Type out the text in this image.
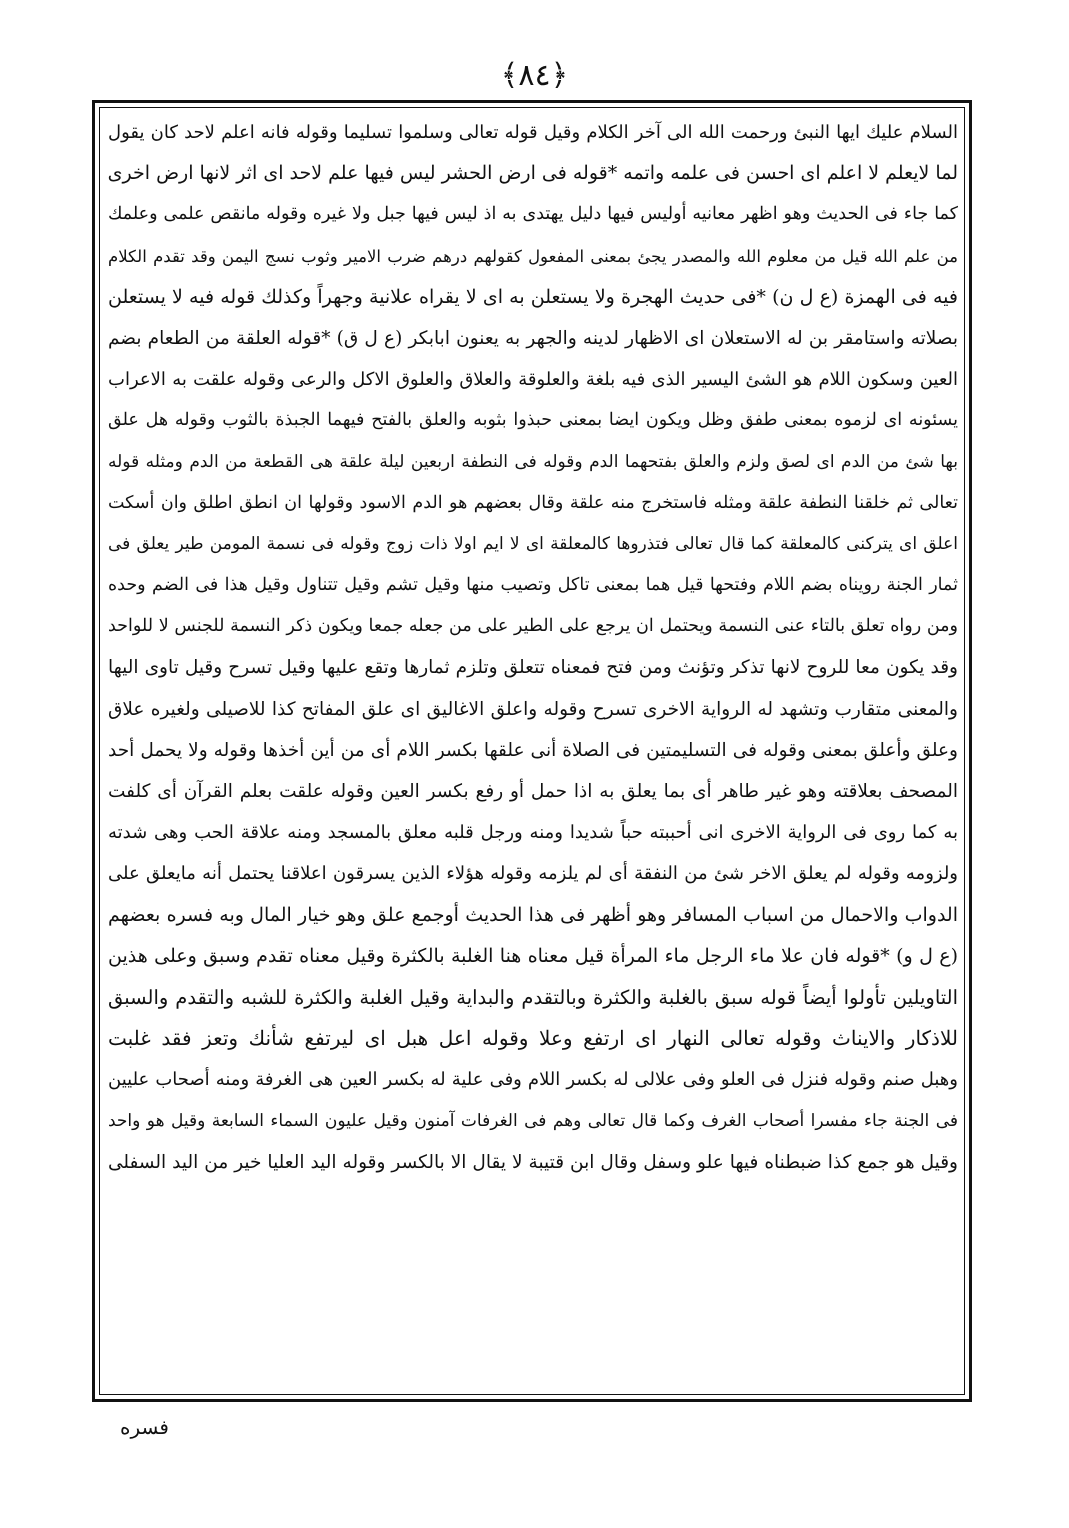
﴿٨٤﴾
السلام عليك ايها النبئ ورحمت الله الى آخر الكلام وقيل قوله تعالى وسلموا تسليما وقوله فانه اعلم لاحد كان يقول
لما لايعلم لا اعلم اى احسن فى علمه واتمه *قوله فى ارض الحشر ليس فيها علم لاحد اى اثر لانها ارض اخرى
كما جاء فى الحديث وهو اظهر معانيه أوليس فيها دليل يهتدى به اذ ليس فيها جبل ولا غيره وقوله مانقص علمى وعلمك
من علم الله قيل من معلوم الله والمصدر يجئ بمعنى المفعول كقولهم درهم ضرب الامير وثوب نسج اليمن وقد تقدم الكلام
فيه فى الهمزة (ع ل ن) *فى حديث الهجرة ولا يستعلن به اى لا يقراه علانية وجهراً وكذلك قوله فيه لا يستعلن
بصلاته واستامقر بن له الاستعلان اى الاظهار لدينه والجهر به يعنون ابابكر (ع ل ق) *قوله العلقة من الطعام بضم
العين وسكون اللام هو الشئ اليسير الذى فيه بلغة والعلوقة والعلاق والعلوق الاكل والرعى وقوله علقت به الاعراب
يسئونه اى لزموه بمعنى طفق وظل ويكون ايضا بمعنى حبذوا بثوبه والعلق بالفتح فيهما الجبذة بالثوب وقوله هل علق
بها شئ من الدم اى لصق ولزم والعلق بفتحهما الدم وقوله فى النطفة اربعين ليلة علقة هى القطعة من الدم ومثله قوله
تعالى ثم خلقنا النطفة علقة ومثله فاستخرج منه علقة وقال بعضهم هو الدم الاسود وقولها ان انطق اطلق وان أسكت
اعلق اى يتركنى كالمعلقة كما قال تعالى فتذروها كالمعلقة اى لا ايم اولا ذات زوج وقوله فى نسمة المومن طير يعلق فى
ثمار الجنة رويناه بضم اللام وفتحها قيل هما بمعنى تاكل وتصيب منها وقيل تشم وقيل تتناول وقيل هذا فى الضم وحده
ومن رواه تعلق بالتاء عنى النسمة ويحتمل ان يرجع على الطير على من جعله جمعا ويكون ذكر النسمة للجنس لا للواحد
وقد يكون معا للروح لانها تذكر وتؤنث ومن فتح فمعناه تتعلق وتلزم ثمارها وتقع عليها وقيل تسرح وقيل تاوى اليها
والمعنى متقارب وتشهد له الرواية الاخرى تسرح وقوله واعلق الاغاليق اى علق المفاتح كذا للاصيلى ولغيره علاق
وعلق وأعلق بمعنى وقوله فى التسليمتين فى الصلاة أنى علقها بكسر اللام أى من أين أخذها وقوله ولا يحمل أحد
المصحف بعلاقته وهو غير طاهر أى بما يعلق به اذا حمل أو رفع بكسر العين وقوله علقت بعلم القرآن أى كلفت
به كما روى فى الرواية الاخرى انى أحببته حباً شديدا ومنه ورجل قلبه معلق بالمسجد ومنه علاقة الحب وهى شدته
ولزومه وقوله لم يعلق الاخر شئ من النفقة أى لم يلزمه وقوله هؤلاء الذين يسرقون اعلاقنا يحتمل أنه مايعلق على
الدواب والاحمال من اسباب المسافر وهو أظهر فى هذا الحديث أوجمع علق وهو خيار المال وبه فسره بعضهم
(ع ل و) *قوله فان علا ماء الرجل ماء المرأة قيل معناه هنا الغلبة بالكثرة وقيل معناه تقدم وسبق وعلى هذين
التاويلين تأولوا أيضاً قوله سبق بالغلبة والكثرة وبالتقدم والبداية وقيل الغلبة والكثرة للشبه والتقدم والسبق
للاذكار والايناث وقوله تعالى النهار اى ارتفع وعلا وقوله اعل هبل اى ليرتفع شأنك وتعز فقد غلبت
وهبل صنم وقوله فنزل فى العلو وفى علالى له بكسر اللام وفى علية له بكسر العين هى الغرفة ومنه أصحاب عليين
فى الجنة جاء مفسرا أصحاب الغرف وكما قال تعالى وهم فى الغرفات آمنون وقيل عليون السماء السابعة وقيل هو واحد
وقيل هو جمع كذا ضبطناه فيها علو وسفل وقال ابن قتيبة لا يقال الا بالكسر وقوله اليد العليا خير من اليد السفلى
فسره
